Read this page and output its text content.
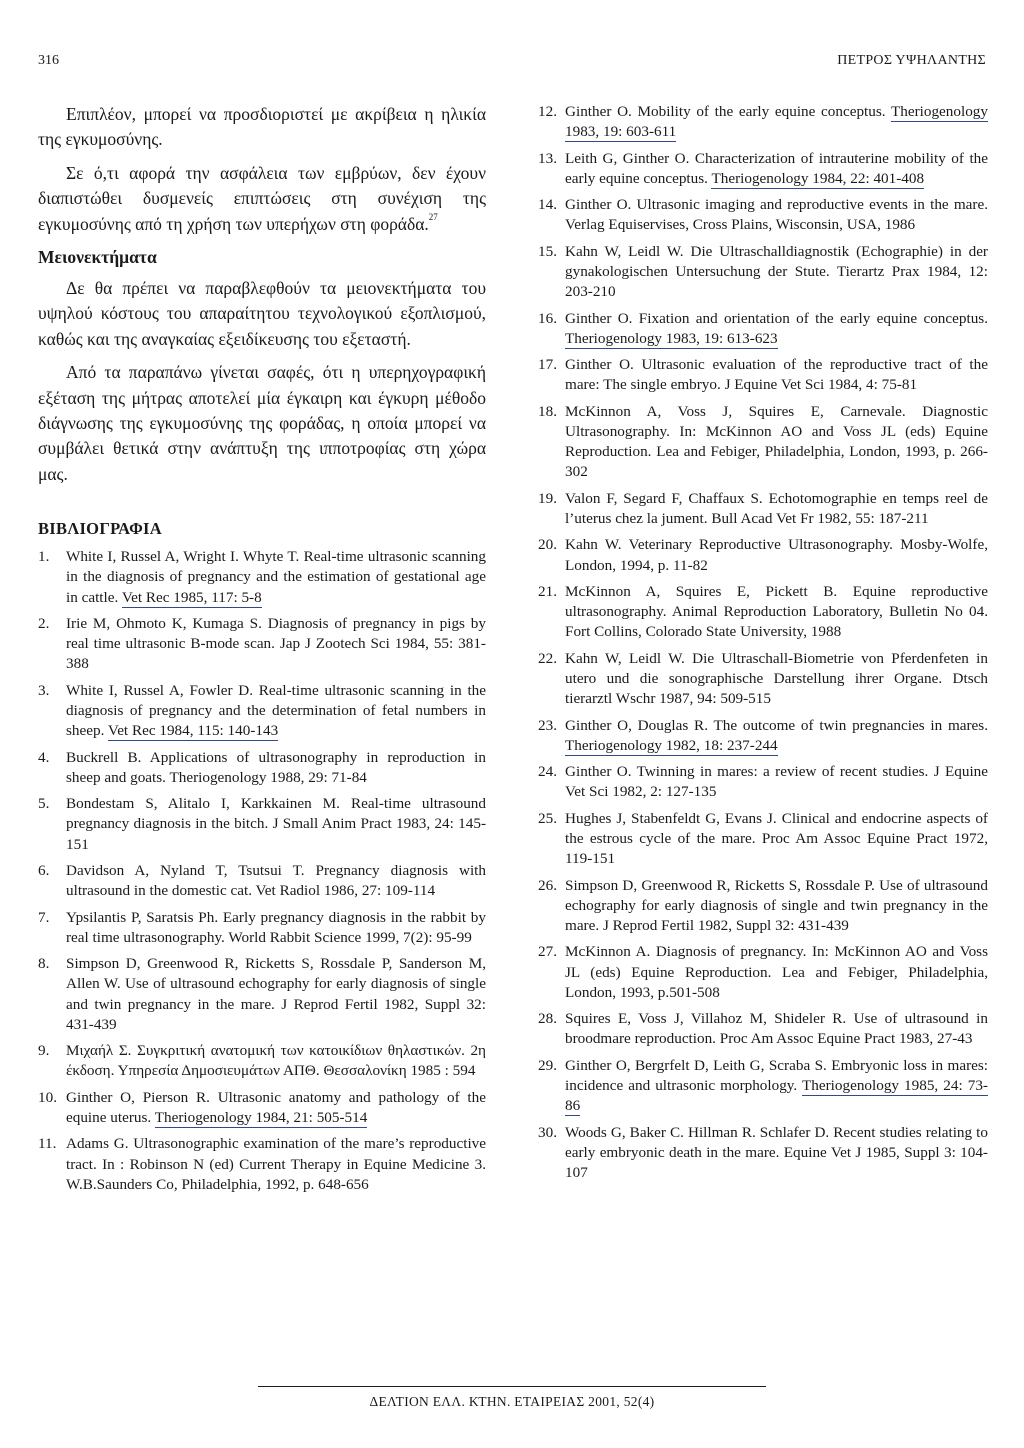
316	ΠΕΤΡΟΣ ΥΨΗΛΑΝΤΗΣ

Επιπλέον, μπορεί να προσδιοριστεί με ακρίβεια η ηλικία της εγκυμοσύνης.

Σε ό,τι αφορά την ασφάλεια των εμβρύων, δεν έχουν διαπιστώθει δυσμενείς επιπτώσεις στη συνέχιση της εγκυμοσύνης από τη χρήση των υπερήχων στη φοράδα.$^{27}$

Μειονεκτήματα

Δε θα πρέπει να παραβλεφθούν τα μειονεκτήματα του υψηλού κόστους του απαραίτητου τεχνολογικού εξοπλισμού, καθώς και της αναγκαίας εξειδίκευσης του εξεταστή.

Από τα παραπάνω γίνεται σαφές, ότι η υπερηχογραφική εξέταση της μήτρας αποτελεί μία έγκαιρη και έγκυρη μέθοδο διάγνωσης της εγκυμοσύνης της φοράδας, η οποία μπορεί να συμβάλει θετικά στην ανάπτυξη της ιπποτροφίας στη χώρα μας.

ΒΙΒΛΙΟΓΡΑΦΙΑ
1.	White I, Russel A, Wright I. Whyte T. Real-time ultrasonic scanning in the diagnosis of pregnancy and the estimation of gestational age in cattle. Vet Rec 1985, 117: 5-8
2.	Irie M, Ohmoto K, Kumaga S. Diagnosis of pregnancy in pigs by real time ultrasonic B-mode scan. Jap J Zootech Sci 1984, 55: 381-388
3.	White I, Russel A, Fowler D. Real-time ultrasonic scanning in the diagnosis of pregnancy and the determination of fetal numbers in sheep. Vet Rec 1984, 115: 140-143
4.	Buckrell B. Applications of ultrasonography in reproduction in sheep and goats. Theriogenology 1988, 29: 71-84
5.	Bondestam S, Alitalo I, Karkkainen M. Real-time ultrasound pregnancy diagnosis in the bitch. J Small Anim Pract 1983, 24: 145-151
6.	Davidson A, Nyland T, Tsutsui T. Pregnancy diagnosis with ultrasound in the domestic cat. Vet Radiol 1986, 27: 109-114
7.	Ypsilantis P, Saratsis Ph. Early pregnancy diagnosis in the rabbit by real time ultrasonography. World Rabbit Science 1999, 7(2): 95-99
8.	Simpson D, Greenwood R, Ricketts S, Rossdale P, Sanderson M, Allen W. Use of ultrasound echography for early diagnosis of single and twin pregnancy in the mare. J Reprod Fertil 1982, Suppl 32: 431-439
9.	Μιχαήλ Σ. Συγκριτική ανατομική των κατοικίδιων θηλαστικών. 2η έκδοση. Υπηρεσία Δημοσιευμάτων ΑΠΘ. Θεσσαλονίκη 1985 : 594
10. Ginther O, Pierson R. Ultrasonic anatomy and pathology of the equine uterus. Theriogenology 1984, 21: 505-514
11. Adams G. Ultrasonographic examination of the mare’s reproductive tract. In : Robinson N (ed) Current Therapy in Equine Medicine 3. W.B.Saunders Co, Philadelphia, 1992, p. 648-656
12. Ginther O. Mobility of the early equine conceptus. Theriogenology 1983, 19: 603-611
13. Leith G, Ginther O. Characterization of intrauterine mobility of the early equine conceptus. Theriogenology 1984, 22: 401-408
14. Ginther O. Ultrasonic imaging and reproductive events in the mare. Verlag Equiservises, Cross Plains, Wisconsin, USA, 1986
15. Kahn W, Leidl W. Die Ultraschalldiagnostik (Echographie) in der gynakologischen Untersuchung der Stute. Tierartz Prax 1984, 12: 203-210
16. Ginther O. Fixation and orientation of the early equine conceptus. Theriogenology 1983, 19: 613-623
17. Ginther O. Ultrasonic evaluation of the reproductive tract of the mare: The single embryo. J Equine Vet Sci 1984, 4: 75-81
18. McKinnon A, Voss J, Squires E, Carnevale. Diagnostic Ultrasonography. In: McKinnon AO and Voss JL (eds) Equine Reproduction. Lea and Febiger, Philadelphia, London, 1993, p. 266-302
19. Valon F, Segard F, Chaffaux S. Echotomographie en temps reel de l’uterus chez la jument. Bull Acad Vet Fr 1982, 55: 187-211
20. Kahn W. Veterinary Reproductive Ultrasonography. Mosby-Wolfe, London, 1994, p. 11-82
21. McKinnon A, Squires E, Pickett B. Equine reproductive ultrasonography. Animal Reproduction Laboratory, Bulletin No 04. Fort Collins, Colorado State University, 1988
22. Kahn W, Leidl W. Die Ultraschall-Biometrie von Pferdenfeten in utero und die sonographische Darstellung ihrer Organe. Dtsch tierarztl Wschr 1987, 94: 509-515
23. Ginther O, Douglas R. The outcome of twin pregnancies in mares. Theriogenology 1982, 18: 237-244
24. Ginther O. Twinning in mares: a review of recent studies. J Equine Vet Sci 1982, 2: 127-135
25. Hughes J, Stabenfeldt G, Evans J. Clinical and endocrine aspects of the estrous cycle of the mare. Proc Am Assoc Equine Pract 1972, 119-151
26. Simpson D, Greenwood R, Ricketts S, Rossdale P. Use of ultrasound echography for early diagnosis of single and twin pregnancy in the mare. J Reprod Fertil 1982, Suppl 32: 431-439
27. McKinnon A. Diagnosis of pregnancy. In: McKinnon AO and Voss JL (eds) Equine Reproduction. Lea and Febiger, Philadelphia, London, 1993, p.501-508
28. Squires E, Voss J, Villahoz M, Shideler R. Use of ultrasound in broodmare reproduction. Proc Am Assoc Equine Pract 1983, 27-43
29. Ginther O, Bergrfelt D, Leith G, Scraba S. Embryonic loss in mares: incidence and ultrasonic morphology. Theriogenology 1985, 24: 73-86
30. Woods G, Baker C. Hillman R. Schlafer D. Recent studies relating to early embryonic death in the mare. Equine Vet J 1985, Suppl 3: 104-107
ΔΕΛΤΙΟΝ ΕΛΛ. ΚΤΗΝ. ΕΤΑΙΡΕΙΑΣ 2001, 52(4)
